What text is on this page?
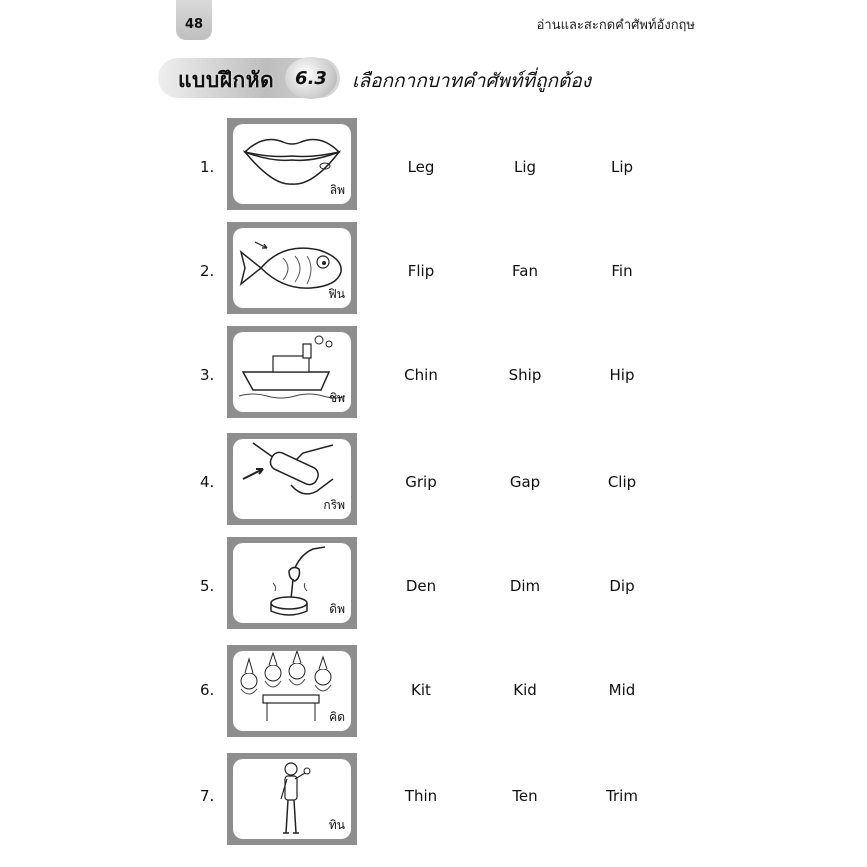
48	อ่านและสะกดคำศัพท์อังกฤษ
แบบฝึกหัด 6.3 เลือกกากบาทคำศัพท์ที่ถูกต้อง
1.
ลิพ
Leg	Lig	Lip
2.
ฟิน
Flip	Fan	Fin
3.
ชิพ
Chin	Ship	Hip
4.
กริพ
Grip	Gap	Clip
5.
ดิพ
Den	Dim	Dip
6.
คิด
Kit	Kid	Mid
7.
ทิน
Thin	Ten	Trim
